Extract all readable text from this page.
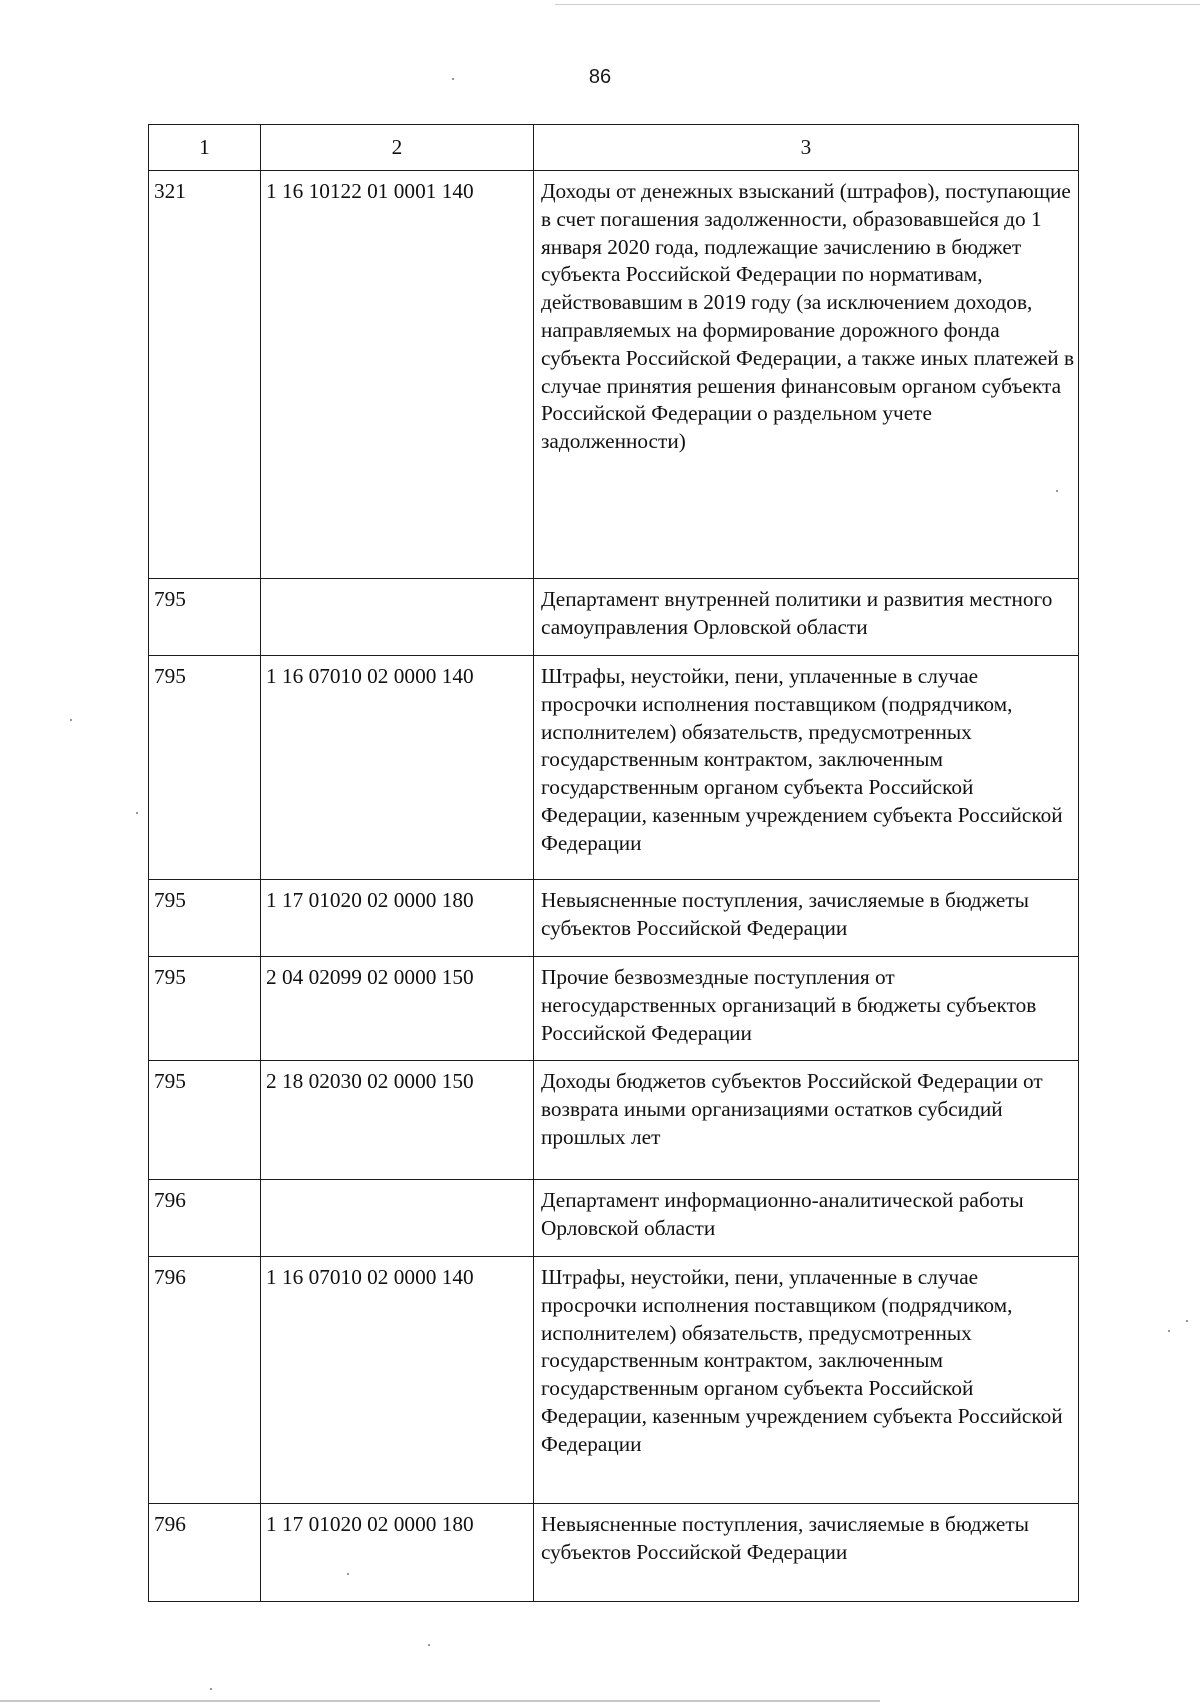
86
1	2	3
321	1 16 10122 01 0001 140	Доходы от денежных взысканий (штрафов), поступающие в счет погашения задолженности, образовавшейся до 1 января 2020 года, подлежащие зачислению в бюджет субъекта Российской Федерации по нормативам, действовавшим в 2019 году (за исключением доходов, направляемых на формирование дорожного фонда субъекта Российской Федерации, а также иных платежей в случае принятия решения финансовым органом субъекта Российской Федерации о раздельном учете задолженности)
795		Департамент внутренней политики и развития местного самоуправления Орловской области
795	1 16 07010 02 0000 140	Штрафы, неустойки, пени, уплаченные в случае просрочки исполнения поставщиком (подрядчиком, исполнителем) обязательств, предусмотренных государственным контрактом, заключенным государственным органом субъекта Российской Федерации, казенным учреждением субъекта Российской Федерации
795	1 17 01020 02 0000 180	Невыясненные поступления, зачисляемые в бюджеты субъектов Российской Федерации
795	2 04 02099 02 0000 150	Прочие безвозмездные поступления от негосударственных организаций в бюджеты субъектов Российской Федерации
795	2 18 02030 02 0000 150	Доходы бюджетов субъектов Российской Федерации от возврата иными организациями остатков субсидий прошлых лет
796		Департамент информационно-аналитической работы Орловской области
796	1 16 07010 02 0000 140	Штрафы, неустойки, пени, уплаченные в случае просрочки исполнения поставщиком (подрядчиком, исполнителем) обязательств, предусмотренных государственным контрактом, заключенным государственным органом субъекта Российской Федерации, казенным учреждением субъекта Российской Федерации
796	1 17 01020 02 0000 180	Невыясненные поступления, зачисляемые в бюджеты субъектов Российской Федерации
